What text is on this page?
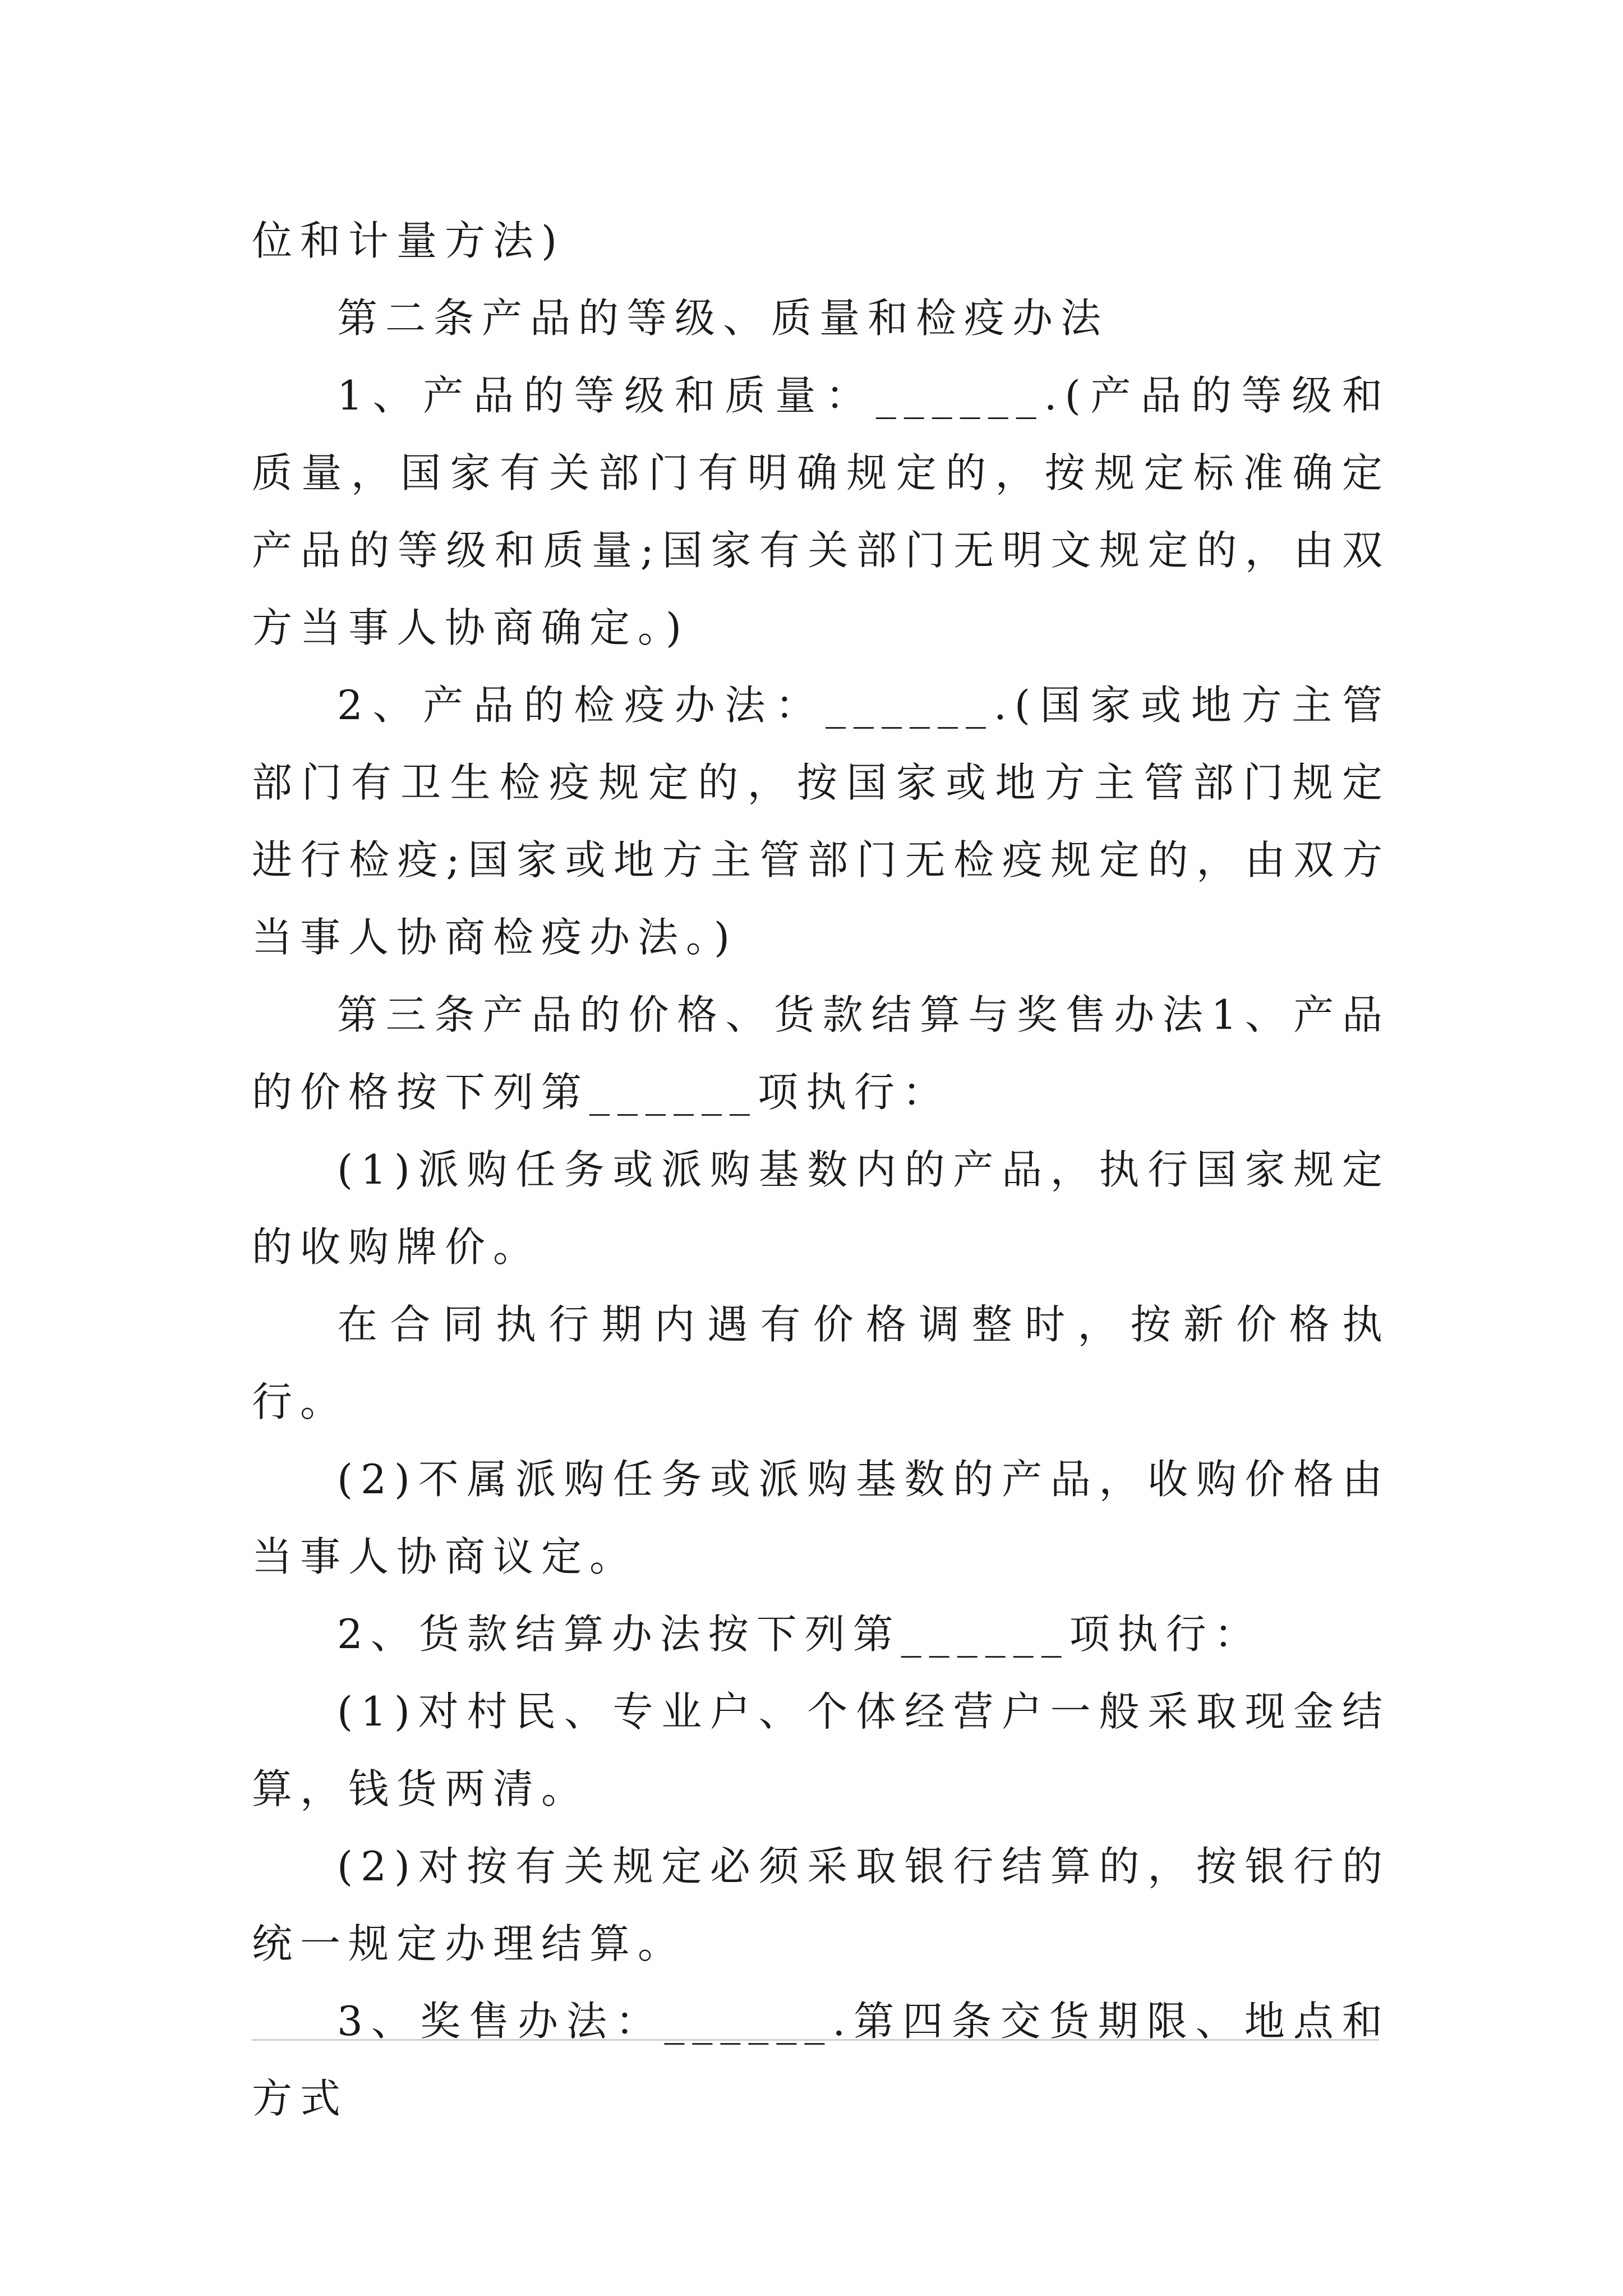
位和计量方法)

第二条产品的等级、质量和检疫办法

1、产品的等级和质量：______.(产品的等级和质量，国家有关部门有明确规定的，按规定标准确定产品的等级和质量;国家有关部门无明文规定的，由双方当事人协商确定。)

2、产品的检疫办法：______.(国家或地方主管部门有卫生检疫规定的，按国家或地方主管部门规定进行检疫;国家或地方主管部门无检疫规定的，由双方当事人协商检疫办法。)

第三条产品的价格、货款结算与奖售办法1、产品的价格按下列第______项执行：

(1)派购任务或派购基数内的产品，执行国家规定的收购牌价。

在合同执行期内遇有价格调整时，按新价格执行。

(2)不属派购任务或派购基数的产品，收购价格由当事人协商议定。

2、货款结算办法按下列第______项执行：

(1)对村民、专业户、个体经营户一般采取现金结算，钱货两清。

(2)对按有关规定必须采取银行结算的，按银行的统一规定办理结算。

3、奖售办法：______.第四条交货期限、地点和方式
